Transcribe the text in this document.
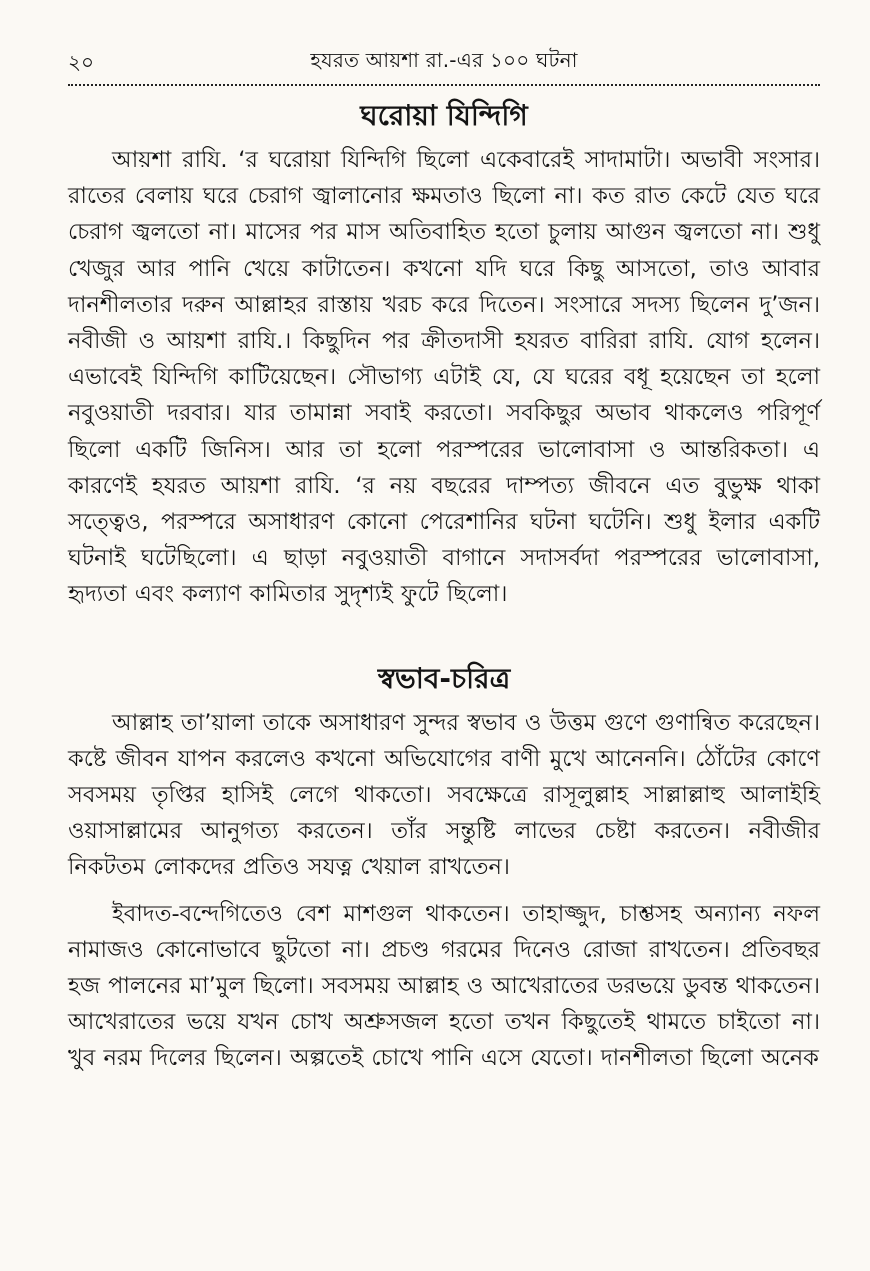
২০	হযরত আয়শা রা.-এর ১০০ ঘটনা
ঘরোয়া যিন্দিগি

আয়শা রাযি. ‘র ঘরোয়া যিন্দিগি ছিলো একেবারেই সাদামাটা। অভাবী সংসার। রাতের বেলায় ঘরে চেরাগ জ্বালানোর ক্ষমতাও ছিলো না। কত রাত কেটে যেত ঘরে চেরাগ জ্বলতো না। মাসের পর মাস অতিবাহিত হতো চুলায় আগুন জ্বলতো না। শুধু খেজুর আর পানি খেয়ে কাটাতেন। কখনো যদি ঘরে কিছু আসতো, তাও আবার দানশীলতার দরুন আল্লাহর রাস্তায় খরচ করে দিতেন। সংসারে সদস্য ছিলেন দু’জন। নবীজী ও আয়শা রাযি.। কিছুদিন পর ক্রীতদাসী হযরত বারিরা রাযি. যোগ হলেন। এভাবেই যিন্দিগি কাটিয়েছেন। সৌভাগ্য এটাই যে, যে ঘরের বধূ হয়েছেন তা হলো নবুওয়াতী দরবার। যার তামান্না সবাই করতো। সবকিছুর অভাব থাকলেও পরিপূর্ণ ছিলো একটি জিনিস। আর তা হলো পরস্পরের ভালোবাসা ও আন্তরিকতা। এ কারণেই হযরত আয়শা রাযি. ‘র নয় বছরের দাম্পত্য জীবনে এত বুভুক্ষ থাকা সত্ত্বেও, পরস্পরে অসাধারণ কোনো পেরেশানির ঘটনা ঘটেনি। শুধু ইলার একটি ঘটনাই ঘটেছিলো। এ ছাড়া নবুওয়াতী বাগানে সদাসর্বদা পরস্পরের ভালোবাসা, হৃদ্যতা এবং কল্যাণ কামিতার সুদৃশ্যই ফুটে ছিলো।

স্বভাব-চরিত্র

আল্লাহ তা’য়ালা তাকে অসাধারণ সুন্দর স্বভাব ও উত্তম গুণে গুণান্বিত করেছেন। কষ্টে জীবন যাপন করলেও কখনো অভিযোগের বাণী মুখে আনেননি। ঠোঁটের কোণে সবসময় তৃপ্তির হাসিই লেগে থাকতো। সবক্ষেত্রে রাসূলুল্লাহ সাল্লাল্লাহু আলাইহি ওয়াসাল্লামের আনুগত্য করতেন। তাঁর সন্তুষ্টি লাভের চেষ্টা করতেন। নবীজীর নিকটতম লোকদের প্রতিও সযত্ন খেয়াল রাখতেন।

ইবাদত-বন্দেগিতেও বেশ মাশগুল থাকতেন। তাহাজ্জুদ, চাশ্তসহ অন্যান্য নফল নামাজও কোনোভাবে ছুটতো না। প্রচণ্ড গরমের দিনেও রোজা রাখতেন। প্রতিবছর হজ পালনের মা’মুল ছিলো। সবসময় আল্লাহ ও আখেরাতের ডরভয়ে ডুবন্ত থাকতেন। আখেরাতের ভয়ে যখন চোখ অশ্রুসজল হতো তখন কিছুতেই থামতে চাইতো না। খুব নরম দিলের ছিলেন। অল্পতেই চোখে পানি এসে যেতো। দানশীলতা ছিলো অনেক
